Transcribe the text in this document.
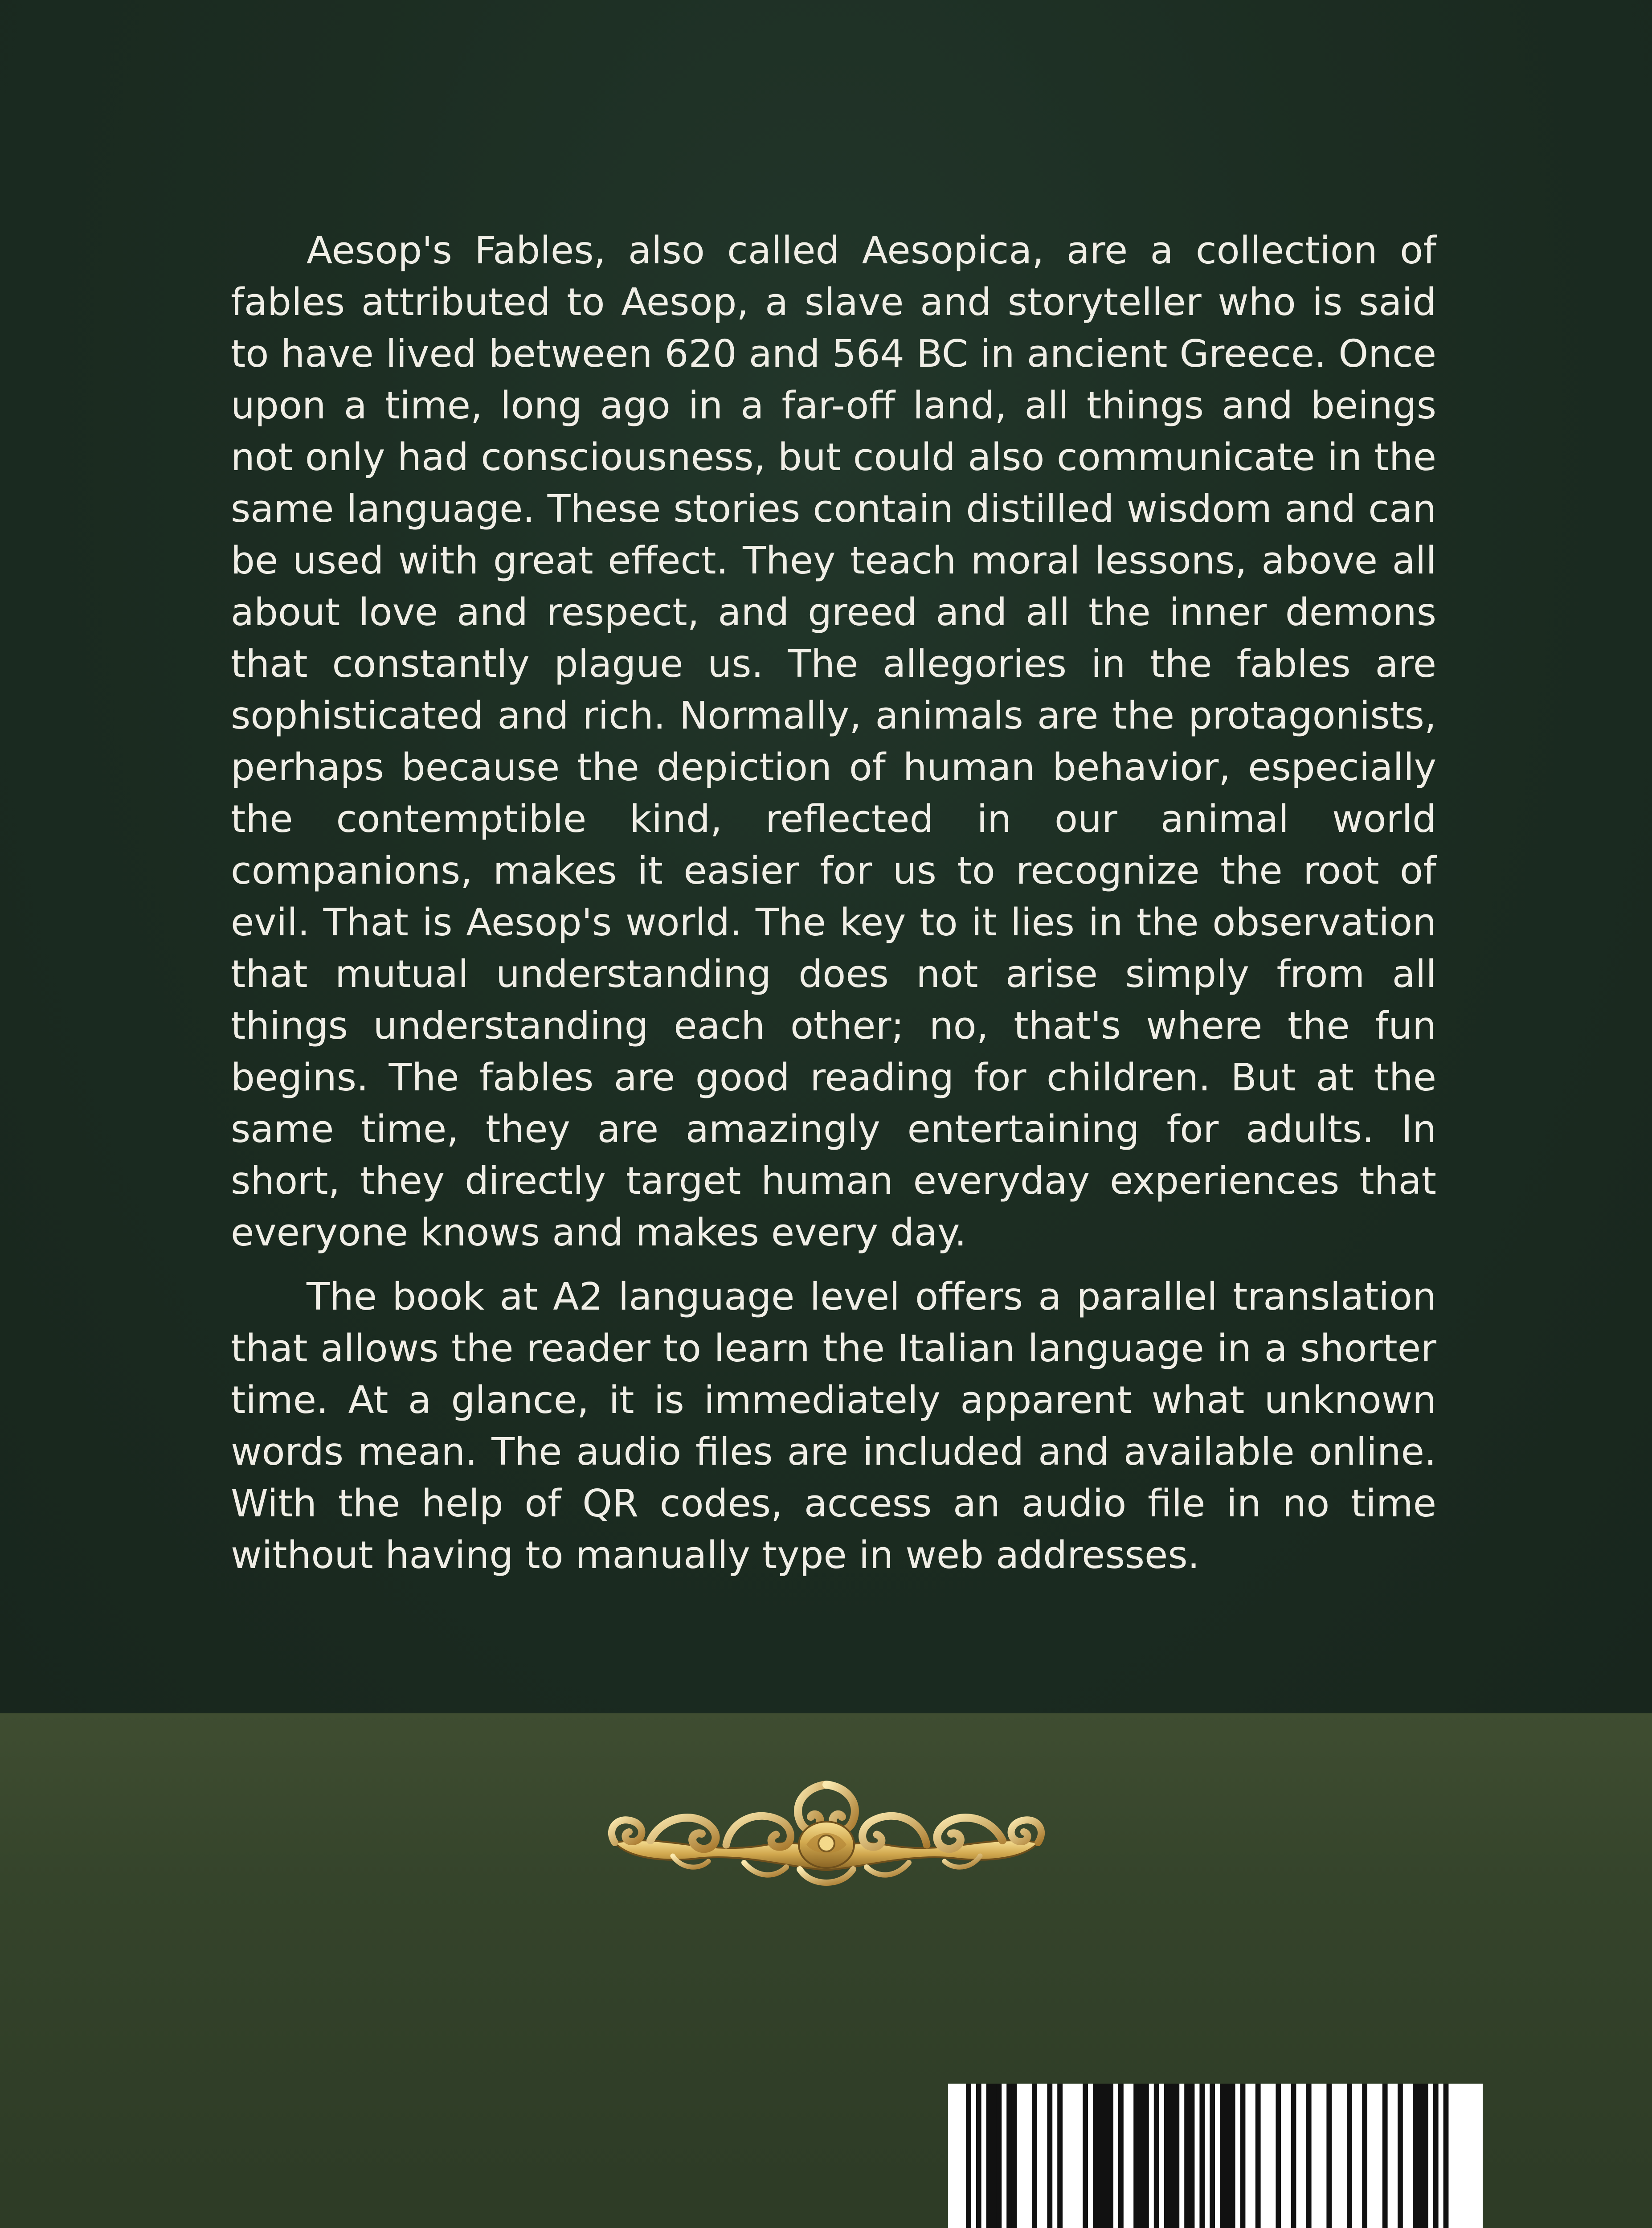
Aesop's Fables, also called Aesopica, are a collection of fables attributed to Aesop, a slave and storyteller who is said to have lived between 620 and 564 BC in ancient Greece. Once upon a time, long ago in a far-off land, all things and beings not only had consciousness, but could also communicate in the same language. These stories contain distilled wisdom and can be used with great effect. They teach moral lessons, above all about love and respect, and greed and all the inner demons that constantly plague us. The allegories in the fables are sophisticated and rich. Normally, animals are the protagonists, perhaps because the depiction of human behavior, especially the contemptible kind, reflected in our animal world companions, makes it easier for us to recognize the root of evil. That is Aesop's world. The key to it lies in the observation that mutual understanding does not arise simply from all things understanding each other; no, that's where the fun begins. The fables are good reading for children. But at the same time, they are amazingly entertaining for adults. In short, they directly target human everyday experiences that everyone knows and makes every day.

The book at A2 language level offers a parallel translation that allows the reader to learn the Italian language in a shorter time. At a glance, it is immediately apparent what unknown words mean. The audio files are included and available online. With the help of QR codes, access an audio file in no time without having to manually type in web addresses.
